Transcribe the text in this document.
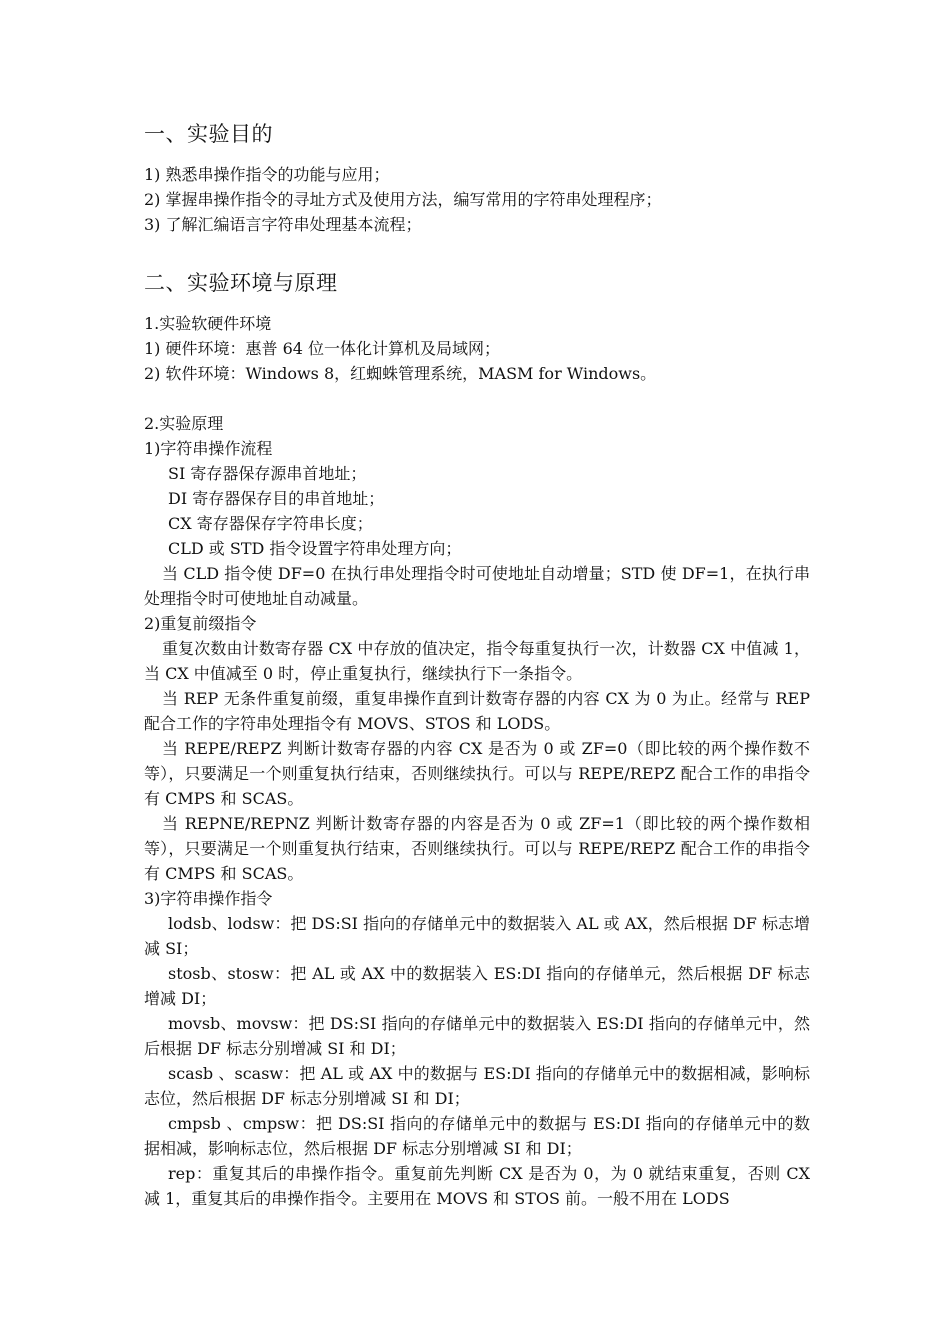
一、实验目的

1) 熟悉串操作指令的功能与应用；

2) 掌握串操作指令的寻址方式及使用方法，编写常用的字符串处理程序；

3) 了解汇编语言字符串处理基本流程；

二、实验环境与原理

1.实验软硬件环境

1) 硬件环境：惠普 64 位一体化计算机及局域网；

2) 软件环境：Windows 8，红蜘蛛管理系统，MASM for Windows。

2.实验原理

1)字符串操作流程

SI 寄存器保存源串首地址；

DI 寄存器保存目的串首地址；

CX 寄存器保存字符串长度；

CLD 或 STD 指令设置字符串处理方向；

当 CLD 指令使 DF=0 在执行串处理指令时可使地址自动增量；STD 使 DF=1，在执行串处理指令时可使地址自动减量。

2)重复前缀指令

重复次数由计数寄存器 CX 中存放的值决定，指令每重复执行一次，计数器 CX 中值减 1，当 CX 中值减至 0 时，停止重复执行，继续执行下一条指令。

当 REP 无条件重复前缀，重复串操作直到计数寄存器的内容 CX 为 0 为止。经常与 REP 配合工作的字符串处理指令有 MOVS、STOS 和 LODS。

当 REPE/REPZ 判断计数寄存器的内容 CX 是否为 0 或 ZF=0（即比较的两个操作数不等），只要满足一个则重复执行结束，否则继续执行。可以与 REPE/REPZ 配合工作的串指令有 CMPS 和 SCAS。

当 REPNE/REPNZ 判断计数寄存器的内容是否为 0 或 ZF=1（即比较的两个操作数相等），只要满足一个则重复执行结束，否则继续执行。可以与 REPE/REPZ 配合工作的串指令有 CMPS 和 SCAS。

3)字符串操作指令

lodsb、lodsw：把 DS:SI 指向的存储单元中的数据装入 AL 或 AX，然后根据 DF 标志增减 SI；

stosb、stosw：把 AL 或 AX 中的数据装入 ES:DI 指向的存储单元，然后根据 DF 标志增减 DI；

movsb、movsw：把 DS:SI 指向的存储单元中的数据装入 ES:DI 指向的存储单元中，然后根据 DF 标志分别增减 SI 和 DI；

scasb 、scasw：把 AL 或 AX 中的数据与 ES:DI 指向的存储单元中的数据相减，影响标志位，然后根据 DF 标志分别增减 SI 和 DI；

cmpsb 、cmpsw：把 DS:SI 指向的存储单元中的数据与 ES:DI 指向的存储单元中的数据相减，影响标志位，然后根据 DF 标志分别增减 SI 和 DI；

rep：重复其后的串操作指令。重复前先判断 CX 是否为 0，为 0 就结束重复，否则 CX 减 1，重复其后的串操作指令。主要用在 MOVS 和 STOS 前。一般不用在 LODS
